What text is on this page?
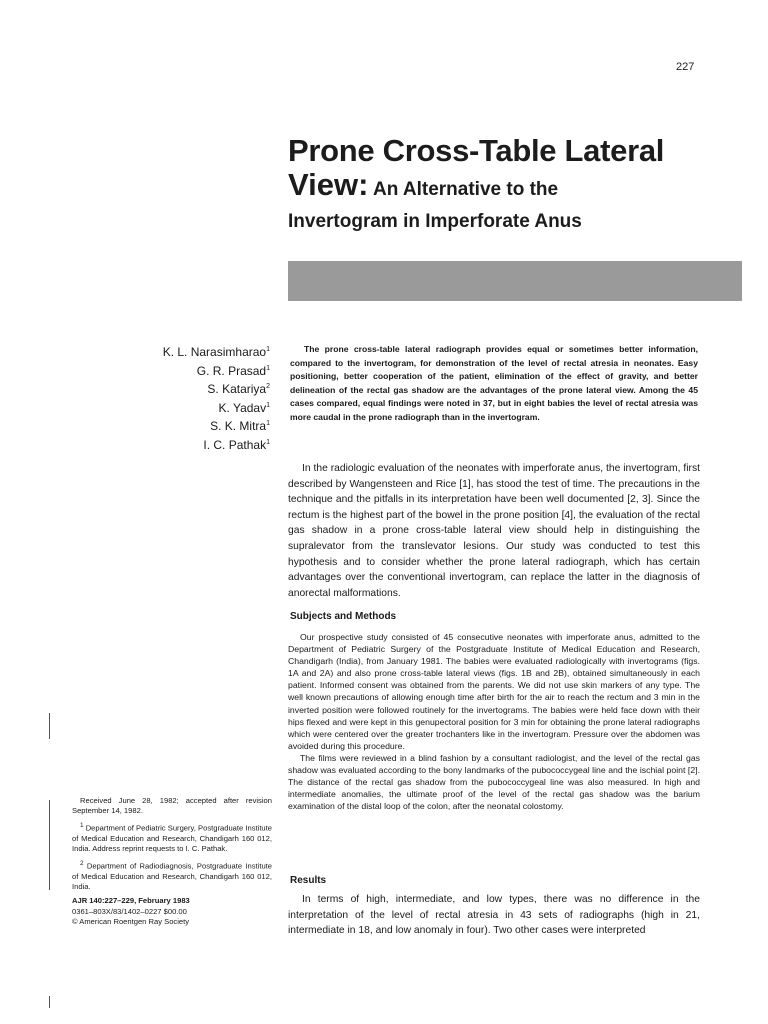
227
Prone Cross-Table Lateral
View: An Alternative to the
Invertogram in Imperforate Anus
K. L. Narasimharao$^1$
G. R. Prasad$^1$
S. Katariya$^2$
K. Yadav$^1$
S. K. Mitra$^1$
I. C. Pathak$^1$
The prone cross-table lateral radiograph provides equal or sometimes better information, compared to the invertogram, for demonstration of the level of rectal atresia in neonates. Easy positioning, better cooperation of the patient, elimination of the effect of gravity, and better delineation of the rectal gas shadow are the advantages of the prone lateral view. Among the 45 cases compared, equal findings were noted in 37, but in eight babies the level of rectal atresia was more caudal in the prone radiograph than in the invertogram.
In the radiologic evaluation of the neonates with imperforate anus, the invertogram, first described by Wangensteen and Rice [1], has stood the test of time. The precautions in the technique and the pitfalls in its interpretation have been well documented [2, 3]. Since the rectum is the highest part of the bowel in the prone position [4], the evaluation of the rectal gas shadow in a prone cross-table lateral view should help in distinguishing the supralevator from the translevator lesions. Our study was conducted to test this hypothesis and to consider whether the prone lateral radiograph, which has certain advantages over the conventional invertogram, can replace the latter in the diagnosis of anorectal malformations.
Subjects and Methods

Our prospective study consisted of 45 consecutive neonates with imperforate anus, admitted to the Department of Pediatric Surgery of the Postgraduate Institute of Medical Education and Research, Chandigarh (India), from January 1981. The babies were evaluated radiologically with invertograms (figs. 1A and 2A) and also prone cross-table lateral views (figs. 1B and 2B), obtained simultaneously in each patient. Informed consent was obtained from the parents. We did not use skin markers of any type. The well known precautions of allowing enough time after birth for the air to reach the rectum and 3 min in the inverted position were followed routinely for the invertograms. The babies were held face down with their hips flexed and were kept in this genupectoral position for 3 min for obtaining the prone lateral radiographs which were centered over the greater trochanters like in the invertogram. Pressure over the abdomen was avoided during this procedure.

The films were reviewed in a blind fashion by a consultant radiologist, and the level of the rectal gas shadow was evaluated according to the bony landmarks of the pubococcygeal line and the ischial point [2]. The distance of the rectal gas shadow from the pubococcygeal line was also measured. In high and intermediate anomalies, the ultimate proof of the level of the rectal gas shadow was the barium examination of the distal loop of the colon, after the neonatal colostomy.

Results
In terms of high, intermediate, and low types, there was no difference in the interpretation of the level of rectal atresia in 43 sets of radiographs (high in 21, intermediate in 18, and low anomaly in four). Two other cases were interpreted

Received June 28, 1982; accepted after revision September 14, 1982.

$^1$ Department of Pediatric Surgery, Postgraduate Institute of Medical Education and Research, Chandigarh 160 012, India. Address reprint requests to I. C. Pathak.

$^2$ Department of Radiodiagnosis, Postgraduate Institute of Medical Education and Research, Chandigarh 160 012, India.

AJR 140:227–229, February 1983

0361–803X/83/1402–0227 $00.00

© American Roentgen Ray Society
